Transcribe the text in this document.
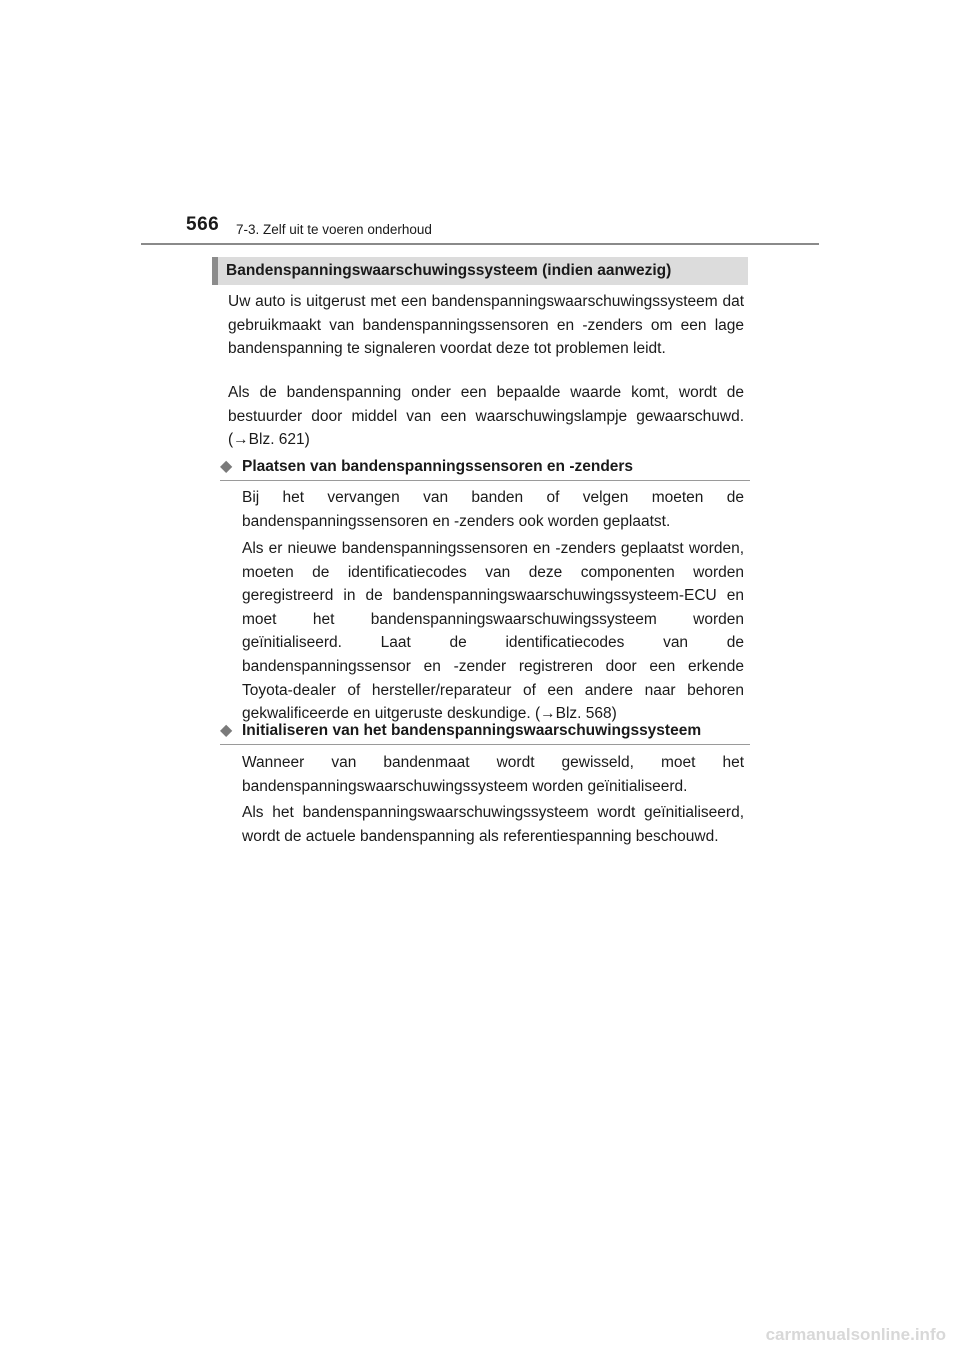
566 7-3. Zelf uit te voeren onderhoud
Bandenspanningswaarschuwingssysteem (indien aanwezig)

Uw auto is uitgerust met een bandenspanningswaarschuwingssysteem dat gebruikmaakt van bandenspanningssensoren en -zenders om een lage bandenspanning te signaleren voordat deze tot problemen leidt.

Als de bandenspanning onder een bepaalde waarde komt, wordt de bestuurder door middel van een waarschuwingslampje gewaarschuwd. (→Blz. 621)

◆ Plaatsen van bandenspanningssensoren en -zenders

Bij het vervangen van banden of velgen moeten de bandenspanningssensoren en -zenders ook worden geplaatst.

Als er nieuwe bandenspanningssensoren en -zenders geplaatst worden, moeten de identificatiecodes van deze componenten worden geregistreerd in de bandenspanningswaarschuwingssysteem-ECU en moet het bandenspanningswaarschuwingssysteem worden geïnitialiseerd. Laat de identificatiecodes van de bandenspanningssensor en -zender registreren door een erkende Toyota-dealer of hersteller/reparateur of een andere naar behoren gekwalificeerde en uitgeruste deskundige. (→Blz. 568)

◆ Initialiseren van het bandenspanningswaarschuwingssysteem

Wanneer van bandenmaat wordt gewisseld, moet het bandenspanningswaarschuwingssysteem worden geïnitialiseerd.

Als het bandenspanningswaarschuwingssysteem wordt geïnitialiseerd, wordt de actuele bandenspanning als referentiespanning beschouwd.

carmanualsonline.info
